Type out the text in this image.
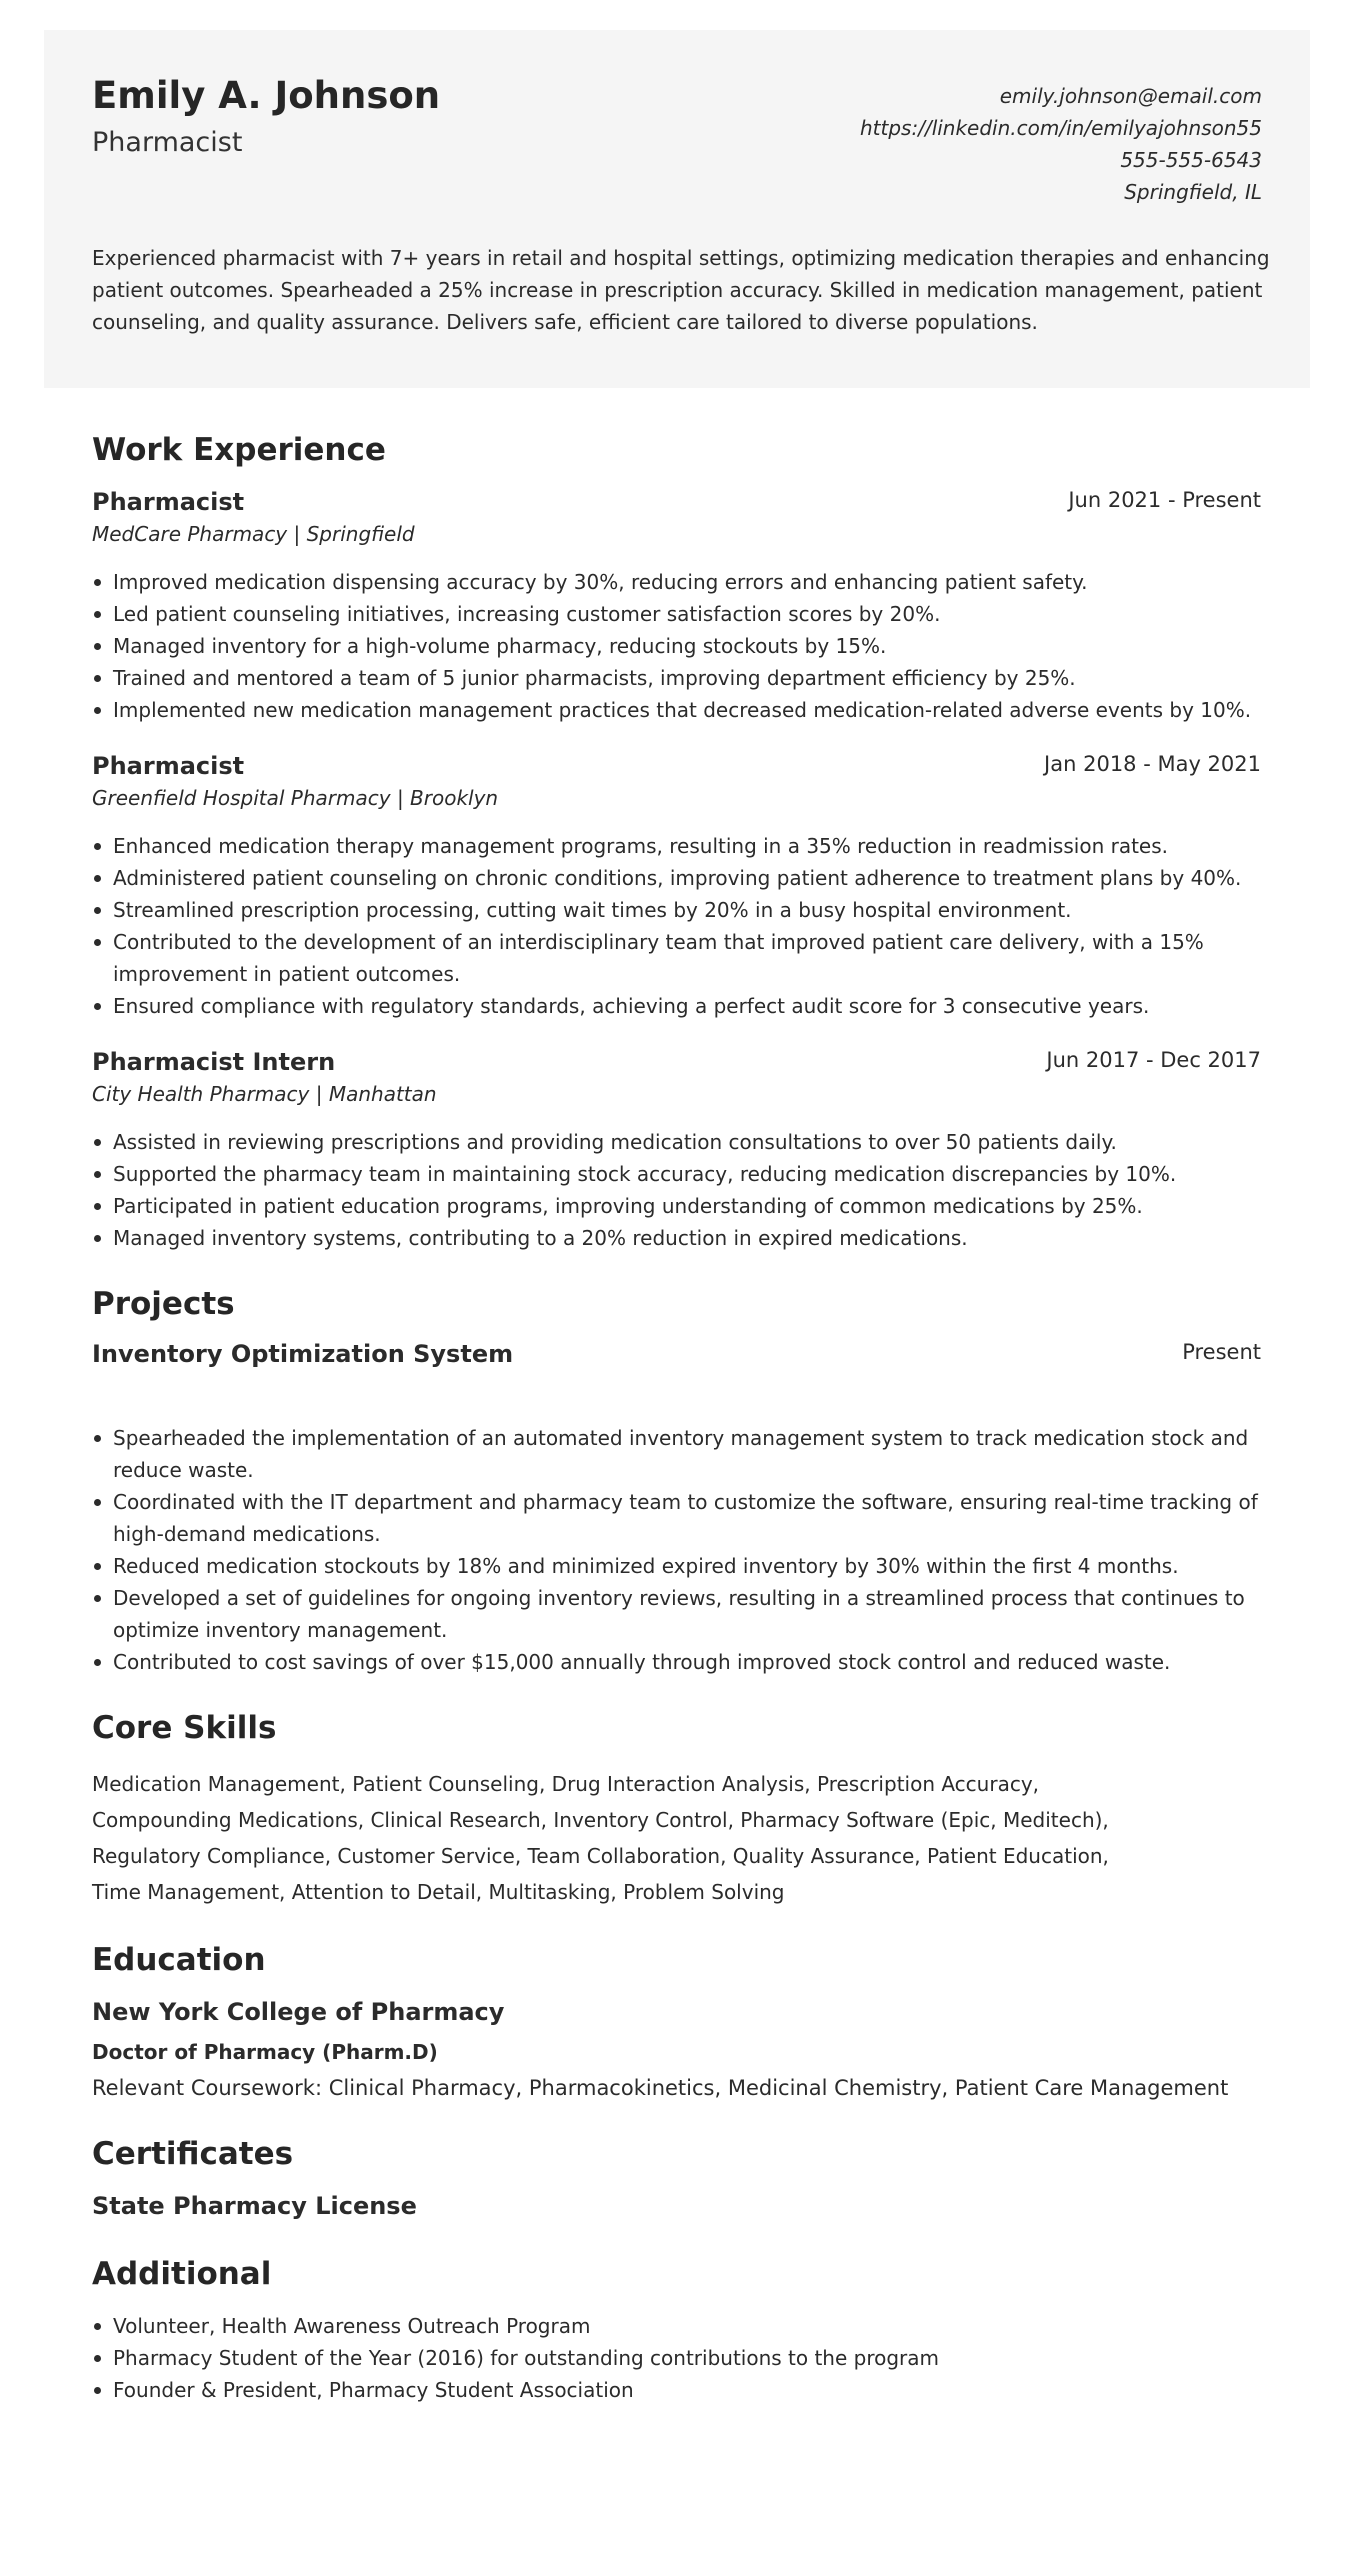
Emily A. Johnson
Pharmacist
emily.johnson@email.com
https://linkedin.com/in/emilyajohnson55
555-555-6543
Springfield, IL
Experienced pharmacist with 7+ years in retail and hospital settings, optimizing medication therapies and enhancing patient outcomes. Spearheaded a 25% increase in prescription accuracy. Skilled in medication management, patient counseling, and quality assurance. Delivers safe, efficient care tailored to diverse populations.
Work Experience
Pharmacist	Jun 2021 - Present
MedCare Pharmacy | Springfield
Improved medication dispensing accuracy by 30%, reducing errors and enhancing patient safety.
Led patient counseling initiatives, increasing customer satisfaction scores by 20%.
Managed inventory for a high-volume pharmacy, reducing stockouts by 15%.
Trained and mentored a team of 5 junior pharmacists, improving department efficiency by 25%.
Implemented new medication management practices that decreased medication-related adverse events by 10%.
Pharmacist	Jan 2018 - May 2021
Greenfield Hospital Pharmacy | Brooklyn
Enhanced medication therapy management programs, resulting in a 35% reduction in readmission rates.
Administered patient counseling on chronic conditions, improving patient adherence to treatment plans by 40%.
Streamlined prescription processing, cutting wait times by 20% in a busy hospital environment.
Contributed to the development of an interdisciplinary team that improved patient care delivery, with a 15% improvement in patient outcomes.
Ensured compliance with regulatory standards, achieving a perfect audit score for 3 consecutive years.
Pharmacist Intern	Jun 2017 - Dec 2017
City Health Pharmacy | Manhattan
Assisted in reviewing prescriptions and providing medication consultations to over 50 patients daily.
Supported the pharmacy team in maintaining stock accuracy, reducing medication discrepancies by 10%.
Participated in patient education programs, improving understanding of common medications by 25%.
Managed inventory systems, contributing to a 20% reduction in expired medications.
Projects
Inventory Optimization System	Present
Spearheaded the implementation of an automated inventory management system to track medication stock and reduce waste.
Coordinated with the IT department and pharmacy team to customize the software, ensuring real-time tracking of high-demand medications.
Reduced medication stockouts by 18% and minimized expired inventory by 30% within the first 4 months.
Developed a set of guidelines for ongoing inventory reviews, resulting in a streamlined process that continues to optimize inventory management.
Contributed to cost savings of over $15,000 annually through improved stock control and reduced waste.
Core Skills
Medication Management, Patient Counseling, Drug Interaction Analysis, Prescription Accuracy, Compounding Medications, Clinical Research, Inventory Control, Pharmacy Software (Epic, Meditech), Regulatory Compliance, Customer Service, Team Collaboration, Quality Assurance, Patient Education, Time Management, Attention to Detail, Multitasking, Problem Solving
Education
New York College of Pharmacy
Doctor of Pharmacy (Pharm.D)
Relevant Coursework: Clinical Pharmacy, Pharmacokinetics, Medicinal Chemistry, Patient Care Management
Certificates
State Pharmacy License
Additional
Volunteer, Health Awareness Outreach Program
Pharmacy Student of the Year (2016) for outstanding contributions to the program
Founder & President, Pharmacy Student Association
